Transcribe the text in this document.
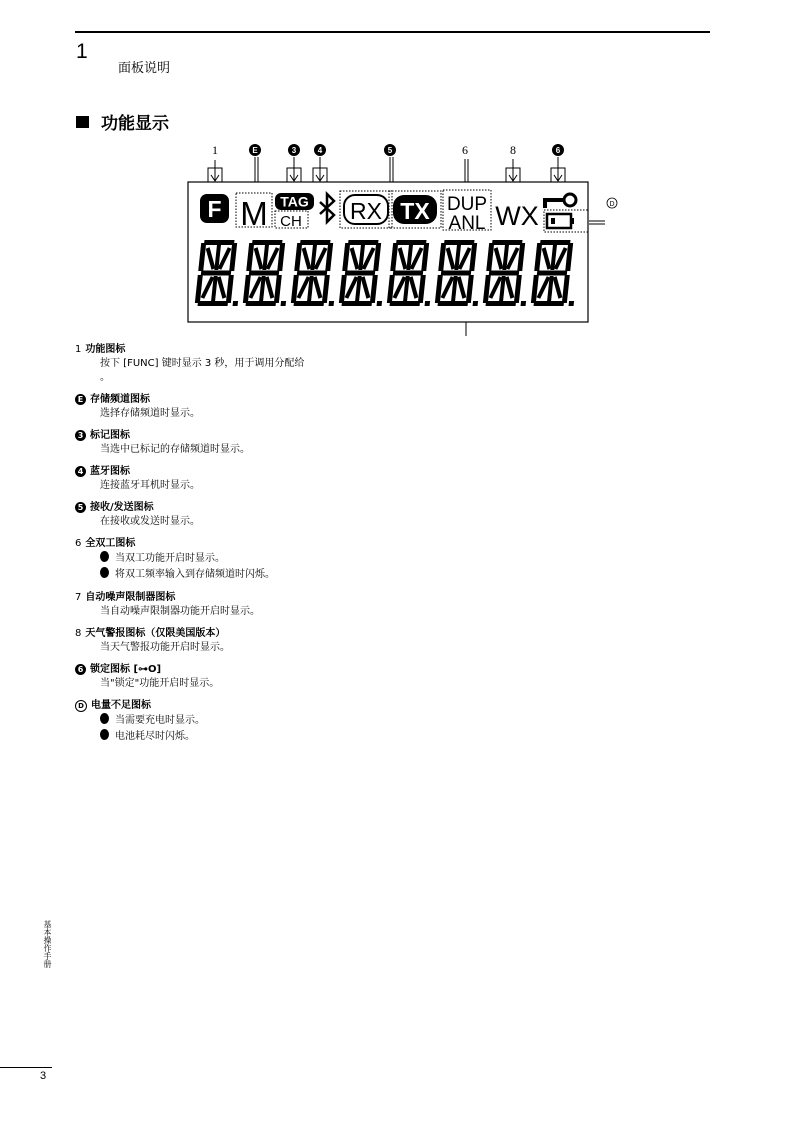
1
面板说明
功能显示
1	E	3	4	5	6	8	6
D
F M TAG
CH RX TX DUP
ANL WX
1 功能图标
按下 [FUNC] 键时显示 3 秒，用于调用分配给
。
E 存储频道图标
选择存储频道时显示。
3 标记图标
当选中已标记的存储频道时显示。
4 蓝牙图标
连接蓝牙耳机时显示。
5 接收/发送图标
在接收或发送时显示。
6 全双工图标
当双工功能开启时显示。
将双工频率输入到存储频道时闪烁。
7 自动噪声限制器图标
当自动噪声限制器功能开启时显示。
8 天气警报图标（仅限美国版本）
当天气警报功能开启时显示。
6 锁定图标 [⊶O]
当"锁定"功能开启时显示。
D 电量不足图标
当需要充电时显示。
电池耗尽时闪烁。
基本操作手册
3
